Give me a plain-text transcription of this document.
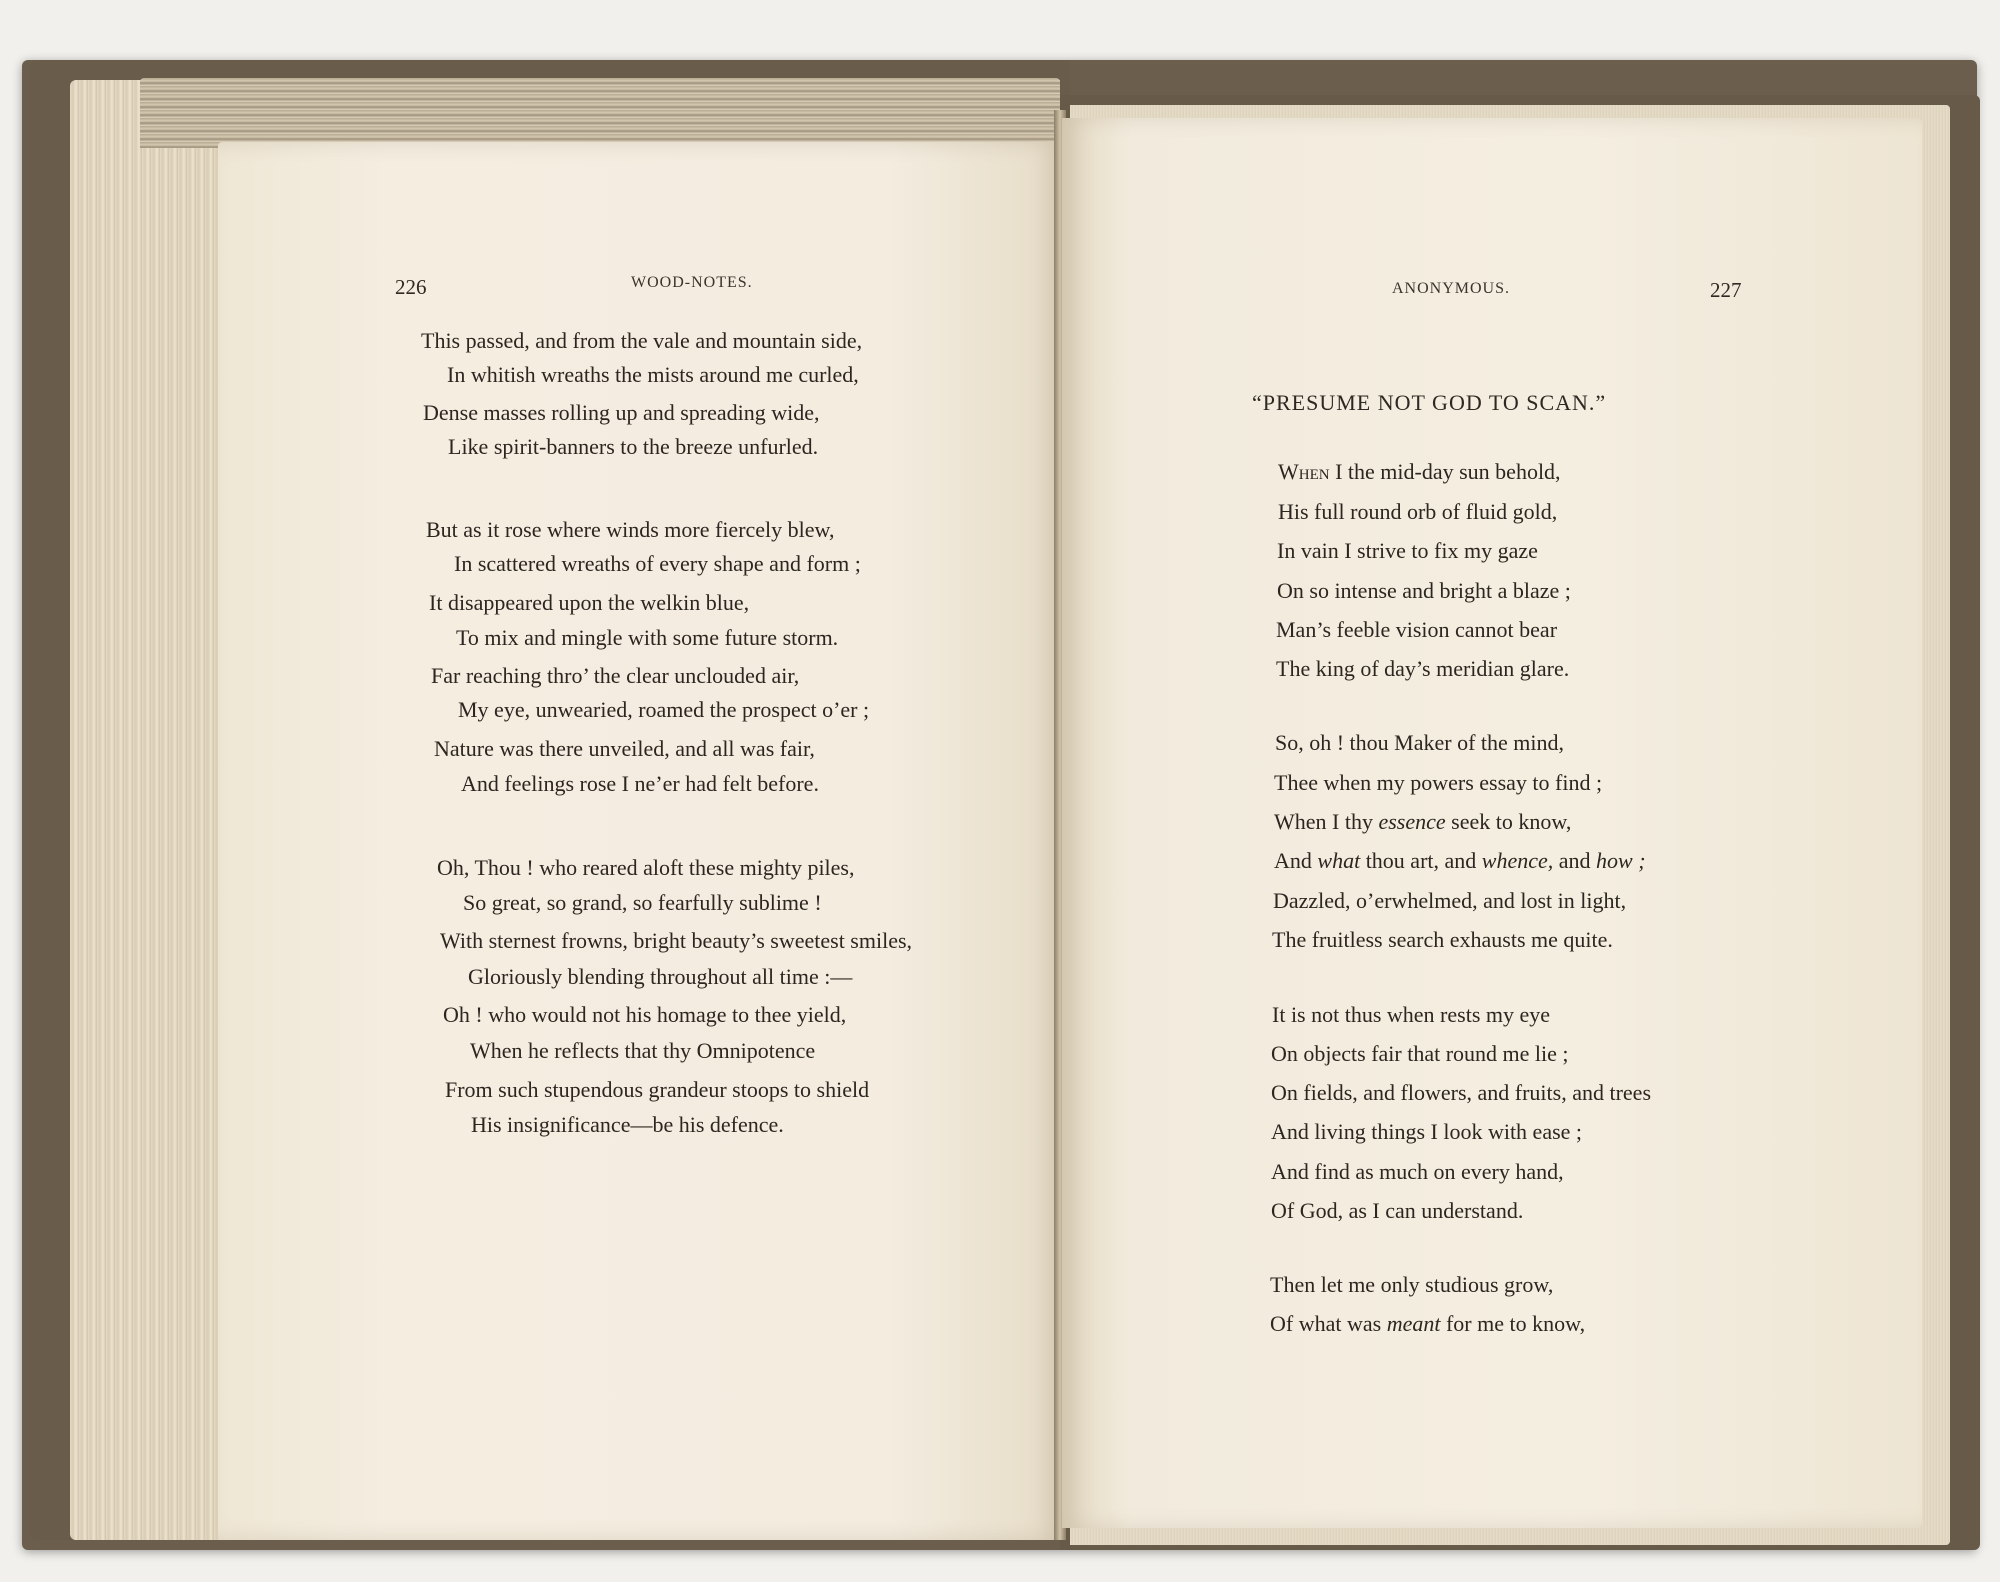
226	WOOD-NOTES.
This passed, and from the vale and mountain side,
In whitish wreaths the mists around me curled,
Dense masses rolling up and spreading wide,
Like spirit-banners to the breeze unfurled.
But as it rose where winds more fiercely blew,
In scattered wreaths of every shape and form ;
It disappeared upon the welkin blue,
To mix and mingle with some future storm.
Far reaching thro’ the clear unclouded air,
My eye, unwearied, roamed the prospect o’er ;
Nature was there unveiled, and all was fair,
And feelings rose I ne’er had felt before.
Oh, Thou ! who reared aloft these mighty piles,
So great, so grand, so fearfully sublime !
With sternest frowns, bright beauty’s sweetest smiles,
Gloriously blending throughout all time :—
Oh ! who would not his homage to thee yield,
When he reflects that thy Omnipotence
From such stupendous grandeur stoops to shield
His insignificance—be his defence.
ANONYMOUS.	227
“PRESUME NOT GOD TO SCAN.”
When I the mid-day sun behold,
His full round orb of fluid gold,
In vain I strive to fix my gaze
On so intense and bright a blaze ;
Man’s feeble vision cannot bear
The king of day’s meridian glare.
So, oh ! thou Maker of the mind,
Thee when my powers essay to find ;
When I thy essence seek to know,
And what thou art, and whence, and how ;
Dazzled, o’erwhelmed, and lost in light,
The fruitless search exhausts me quite.
It is not thus when rests my eye
On objects fair that round me lie ;
On fields, and flowers, and fruits, and trees
And living things I look with ease ;
And find as much on every hand,
Of God, as I can understand.
Then let me only studious grow,
Of what was meant for me to know,
